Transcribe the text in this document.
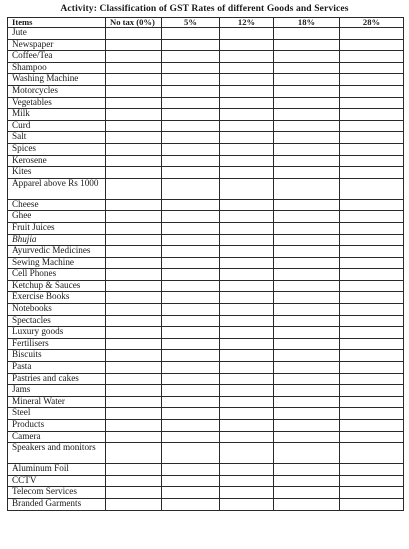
Activity: Classification of GST Rates of different Goods and Services
Items	No tax (0%)	5%	12%	18%	28%
Jute					
Newspaper					
Coffee/Tea					
Shampoo					
Washing Machine					
Motorcycles					
Vegetables					
Milk					
Curd					
Salt					
Spices					
Kerosene					
Kites					
Apparel above Rs 1000					
Cheese					
Ghee					
Fruit Juices					
Bhujia					
Ayurvedic Medicines					
Sewing Machine					
Cell Phones					
Ketchup & Sauces					
Exercise Books					
Notebooks					
Spectacles					
Luxury goods					
Fertilisers					
Biscuits					
Pasta					
Pastries and cakes					
Jams					
Mineral Water					
Steel					
Products					
Camera					
Speakers and monitors					
Aluminum Foil					
CCTV					
Telecom Services					
Branded Garments					
